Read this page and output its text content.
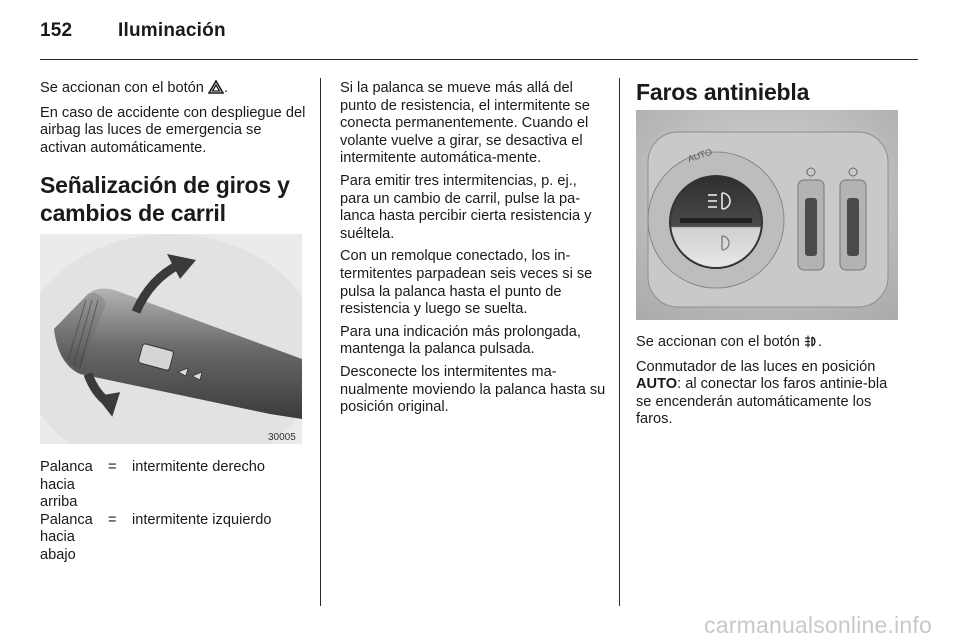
152 Iluminación

Se accionan con el botón .

En caso de accidente con despliegue del airbag las luces de emergencia se activan automáticamente.

Señalización de giros y cambios de carril
30005
Palanca hacia arriba
=	intermitente derecho
Palanca hacia abajo
=	intermitente izquierdo

Si la palanca se mueve más allá del punto de resistencia, el intermitente se conecta permanentemente. Cuando el volante vuelve a girar, se desactiva el intermitente automática-mente.

Para emitir tres intermitencias, p. ej., para un cambio de carril, pulse la pa-lanca hasta percibir cierta resistencia y suéltela.

Con un remolque conectado, los in-termitentes parpadean seis veces si se pulsa la palanca hasta el punto de resistencia y luego se suelta.

Para una indicación más prolongada, mantenga la palanca pulsada.

Desconecte los intermitentes ma-nualmente moviendo la palanca hasta su posición original.

Faros antiniebla
AUTO

Se accionan con el botón .

Conmutador de las luces en posición AUTO: al conectar los faros antinie-bla se encenderán automáticamente los faros.

carmanualsonline.info
